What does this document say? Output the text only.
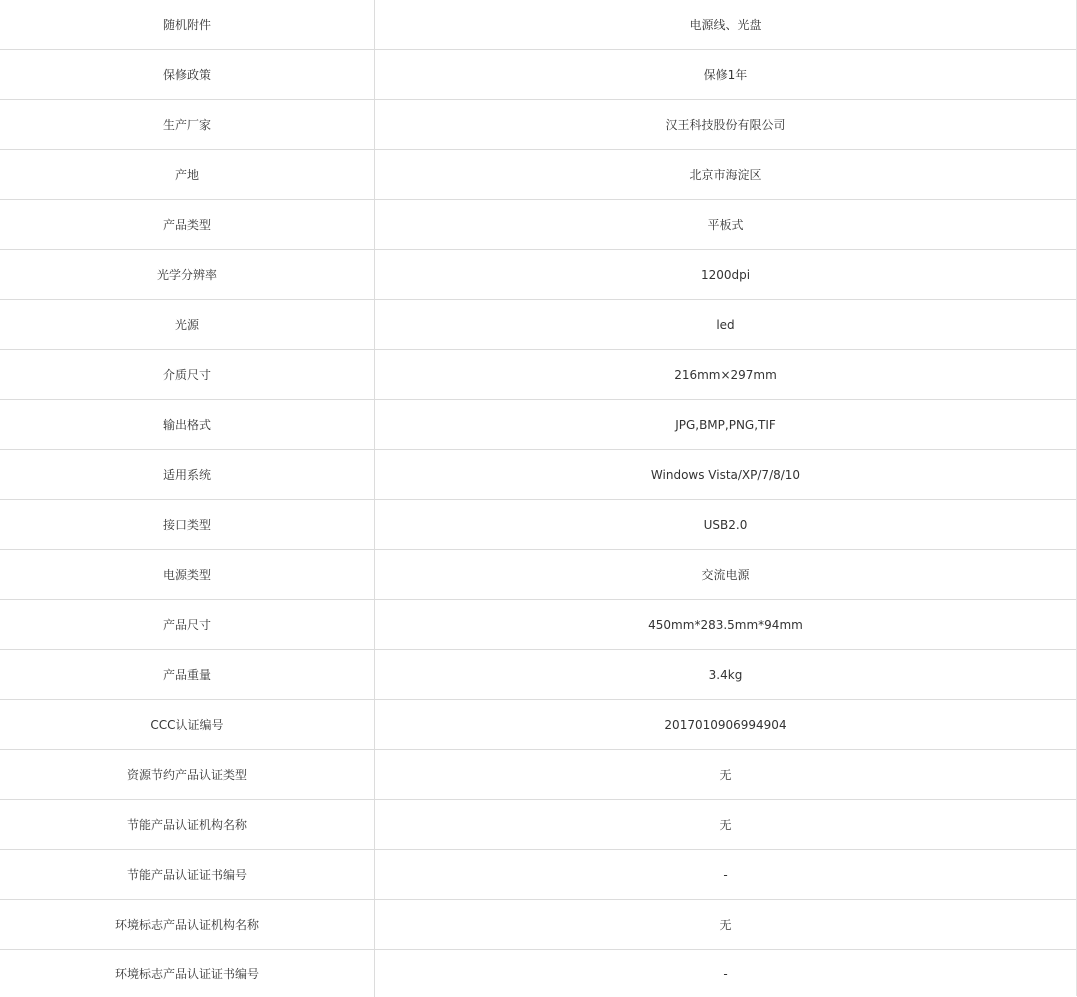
随机附件	电源线、光盘
保修政策	保修1年
生产厂家	汉王科技股份有限公司
产地	北京市海淀区
产品类型	平板式
光学分辨率	1200dpi
光源	led
介质尺寸	216mm×297mm
输出格式	JPG,BMP,PNG,TIF
适用系统	Windows Vista/XP/7/8/10
接口类型	USB2.0
电源类型	交流电源
产品尺寸	450mm*283.5mm*94mm
产品重量	3.4kg
CCC认证编号	2017010906994904
资源节约产品认证类型	无
节能产品认证机构名称	无
节能产品认证证书编号	-
环境标志产品认证机构名称	无
环境标志产品认证证书编号	-
